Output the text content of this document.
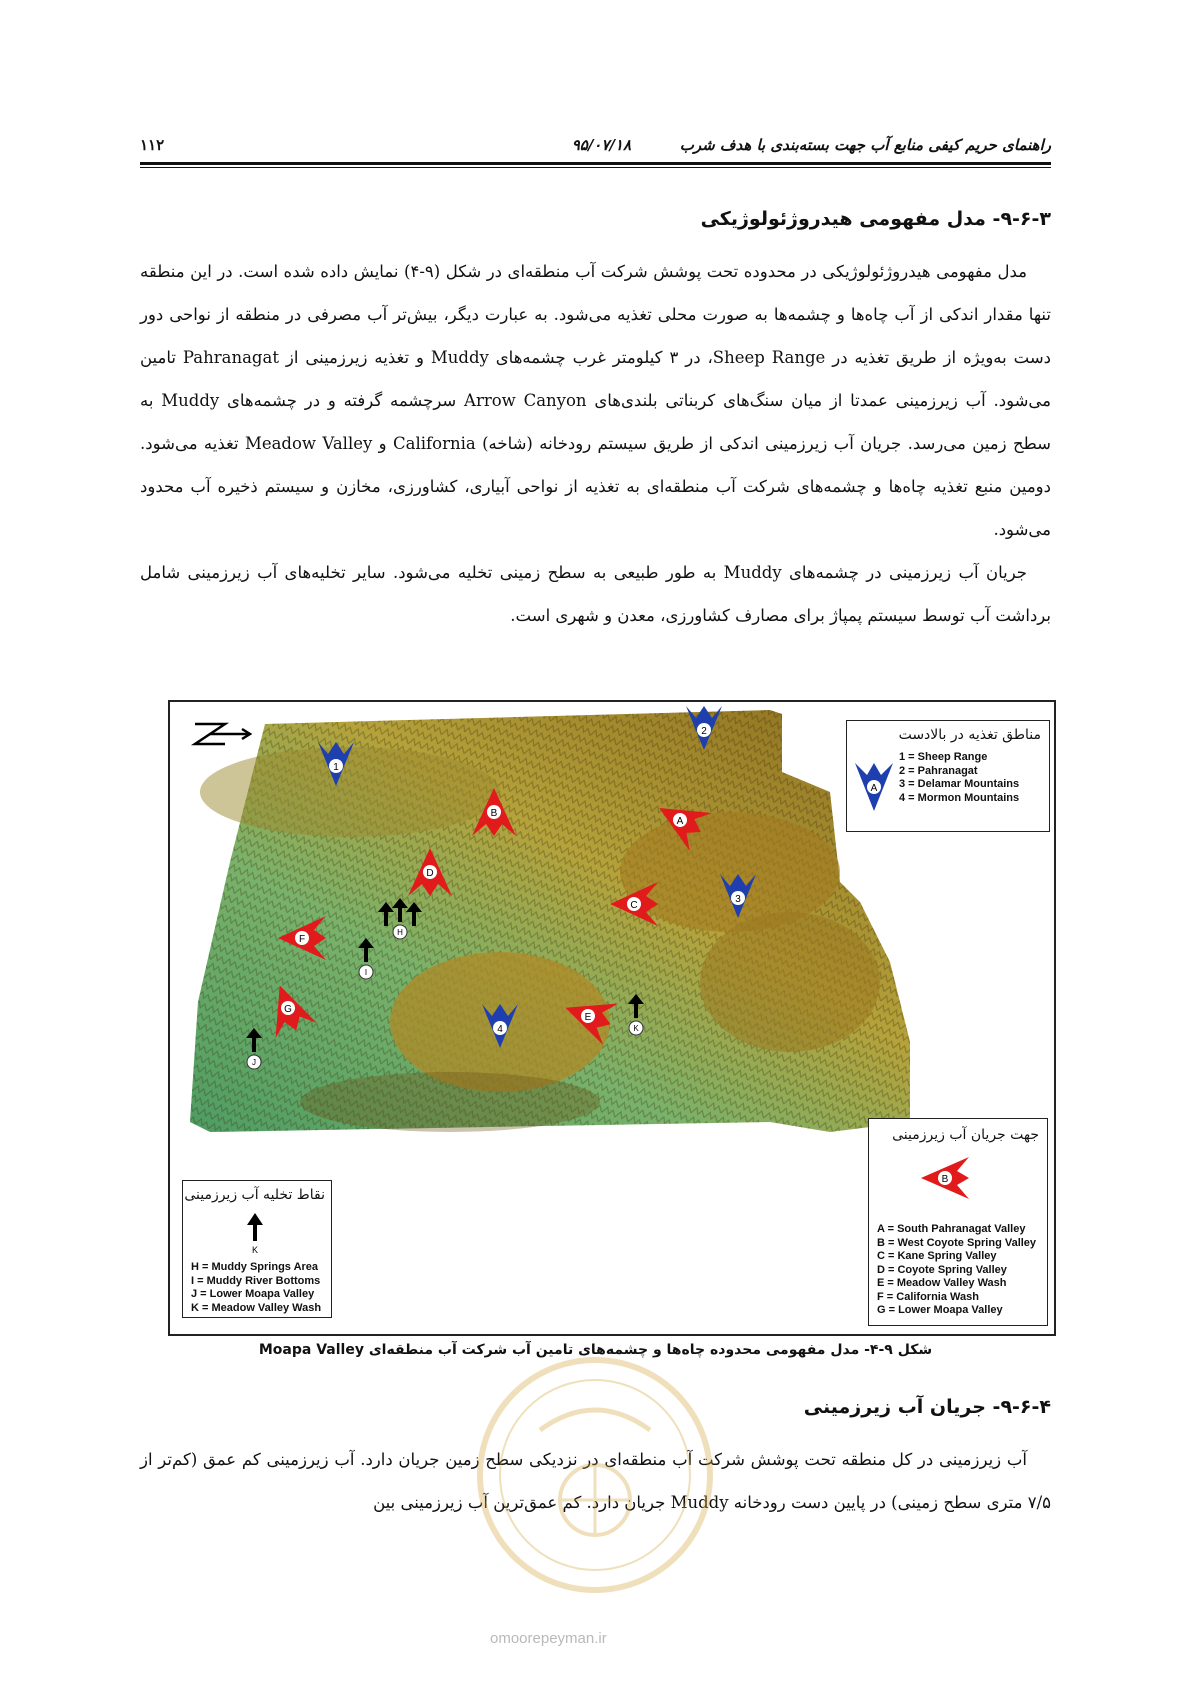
راهنمای حریم کیفی منابع آب جهت بسته‌بندی با هدف شرب
۹۵/۰۷/۱۸
۱۱۲
۹-۶-۳- مدل مفهومی هیدروژئولوژیکی

مدل مفهومی هیدروژئولوژیکی در محدوده تحت پوشش شرکت آب منطقه‌ای در شکل (۹-۴) نمایش داده شده است. در این منطقه تنها مقدار اندکی از آب چاه‌ها و چشمه‌ها به صورت محلی تغذیه می‌شود. به عبارت دیگر، بیش‌تر آب مصرفی در منطقه از نواحی دور دست به‌ویژه از طریق تغذیه در Sheep Range، در ۳ کیلومتر غرب چشمه‌های Muddy و تغذیه زیرزمینی از Pahranagat تامین می‌شود. آب زیرزمینی عمدتا از میان سنگ‌های کربناتی بلندی‌های Arrow Canyon سرچشمه گرفته و در چشمه‌های Muddy به سطح زمین می‌رسد. جریان آب زیرزمینی اندکی از طریق سیستم رودخانه (شاخه) California و Meadow Valley تغذیه می‌شود. دومین منبع تغذیه چاه‌ها و چشمه‌های شرکت آب منطقه‌ای به تغذیه از نواحی آبیاری، کشاورزی، مخازن و سیستم ذخیره آب محدود می‌شود.

جریان آب زیرزمینی در چشمه‌های Muddy به طور طبیعی به سطح زمینی تخلیه می‌شود. سایر تخلیه‌های آب زیرزمینی شامل برداشت آب توسط سیستم پمپاژ برای مصارف کشاورزی، معدن و شهری است.

1
2
3
4
A
B
C
D
E
F
G
H
I
J
K
مناطق تغذیه در بالادست
A
1 = Sheep Range
2 = Pahranagat
3 = Delamar Mountains
4 = Mormon Mountains
جهت جریان آب زیرزمینی
B
A = South Pahranagat Valley
B = West Coyote Spring Valley
C = Kane Spring Valley
D = Coyote Spring Valley
E = Meadow Valley Wash
F = California Wash
G = Lower Moapa Valley
نقاط تخلیه آب زیرزمینی
K
H = Muddy Springs Area
I = Muddy River Bottoms
J = Lower Moapa Valley
K = Meadow Valley Wash
شکل ۹-۴- مدل مفهومی محدوده چاه‌ها و چشمه‌های تامین آب شرکت آب منطقه‌ای Moapa Valley
۹-۶-۴- جریان آب زیرزمینی

آب زیرزمینی در کل منطقه تحت پوشش شرکت آب منطقه‌ای در نزدیکی سطح زمین جریان دارد. آب زیرزمینی کم عمق (کم‌تر از ۷/۵ متری سطح زمینی) در پایین دست رودخانه Muddy جریان دارد. کم عمق‌ترین آب زیرزمینی بین

omoorepeyman.ir
